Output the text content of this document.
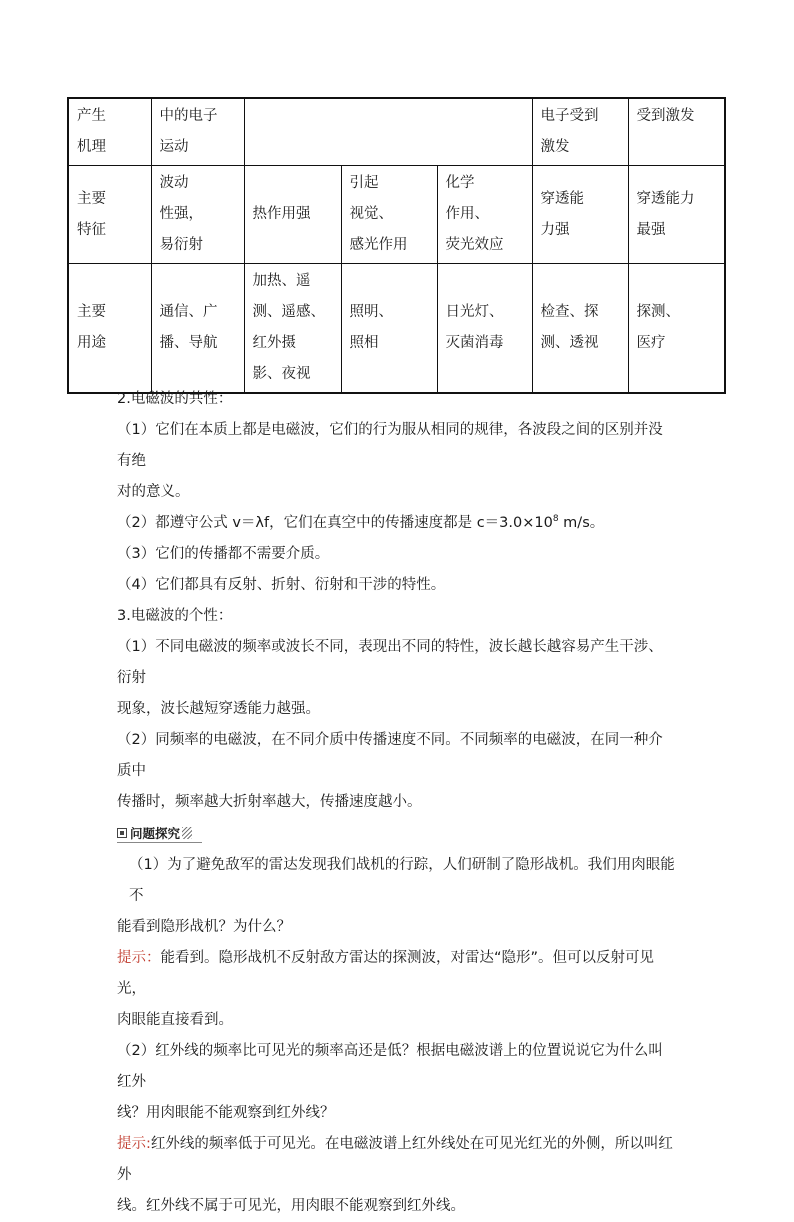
产生
机理	中的电子
运动				电子受到
激发	受到激发

主要
特征	波动
性强，
易衍射	热作用强	引起
视觉、
感光作用	化学
作用、
荧光效应	穿透能
力强	穿透能力
最强

主要
用途	通信、广
播、导航	加热、遥
测、遥感、
红外摄
影、夜视	照明、
照相	日光灯、
灭菌消毒	检查、探
测、透视	探测、
医疗

2.电磁波的共性：

（1）它们在本质上都是电磁波，它们的行为服从相同的规律，各波段之间的区别并没有绝

对的意义。

（2）都遵守公式 v＝λf，它们在真空中的传播速度都是 $c=3.0\times 10^8$ m/s。

（3）它们的传播都不需要介质。

（4）它们都具有反射、折射、衍射和干涉的特性。

3.电磁波的个性：

（1）不同电磁波的频率或波长不同，表现出不同的特性，波长越长越容易产生干涉、衍射

现象，波长越短穿透能力越强。

（2）同频率的电磁波，在不同介质中传播速度不同。不同频率的电磁波，在同一种介质中

传播时，频率越大折射率越大，传播速度越小。

问题探究

（1）为了避免敌军的雷达发现我们战机的行踪，人们研制了隐形战机。我们用肉眼能不

能看到隐形战机？为什么？

提示：能看到。隐形战机不反射敌方雷达的探测波，对雷达“隐形”。但可以反射可见光，

肉眼能直接看到。

（2）红外线的频率比可见光的频率高还是低？根据电磁波谱上的位置说说它为什么叫红外

线？用肉眼能不能观察到红外线？

提示:红外线的频率低于可见光。在电磁波谱上红外线处在可见光红光的外侧，所以叫红外

线。红外线不属于可见光，用肉眼不能观察到红外线。
